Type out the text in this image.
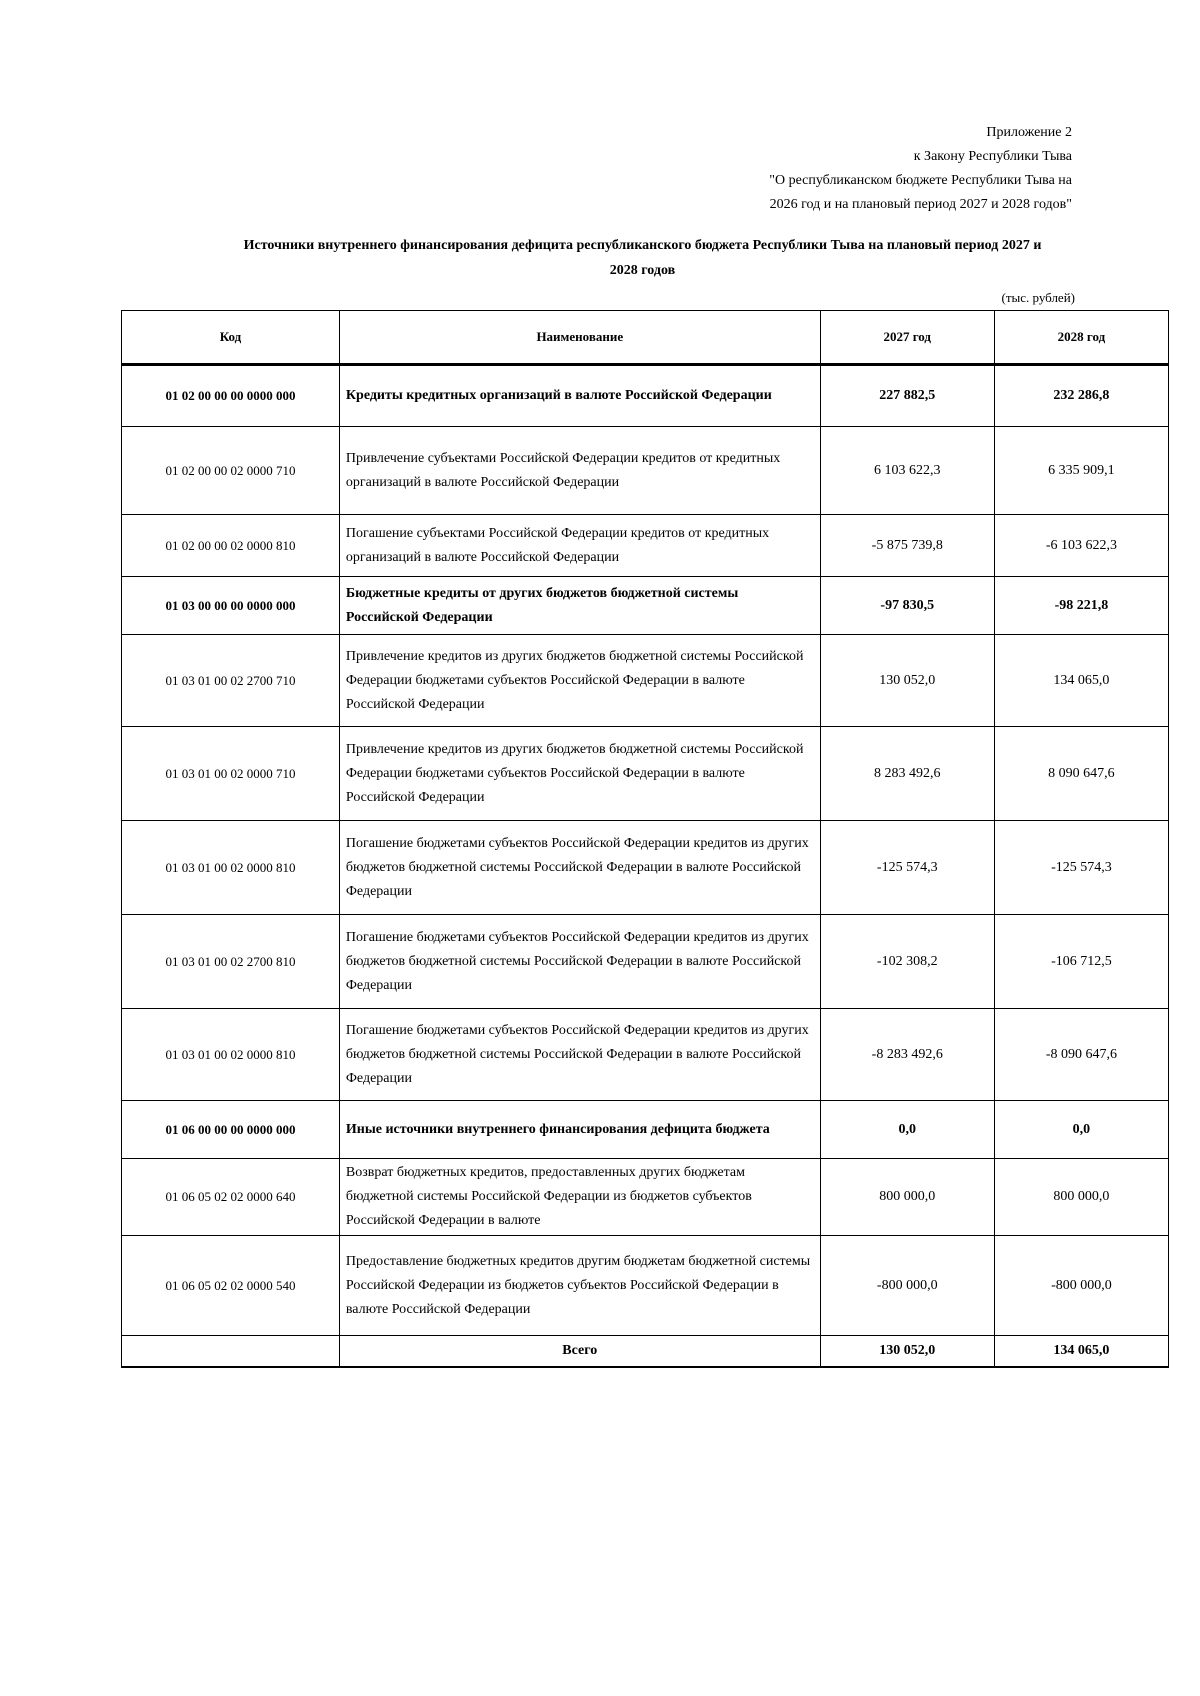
Приложение 2
к Закону Республики Тыва
"О республиканском бюджете Республики Тыва на
2026 год и на плановый период 2027 и 2028 годов"
Источники внутреннего финансирования дефицита республиканского бюджета Республики Тыва на плановый период 2027 и
2028 годов
(тыс. рублей)
Код	Наименование	2027 год	2028 год
01 02 00 00 00 0000 000	Кредиты кредитных организаций в валюте Российской Федерации	227 882,5	232 286,8
01 02 00 00 02 0000 710	Привлечение субъектами Российской Федерации кредитов от кредитных организаций в валюте Российской Федерации	6 103 622,3	6 335 909,1
01 02 00 00 02 0000 810	Погашение субъектами Российской Федерации кредитов от кредитных организаций в валюте Российской Федерации	-5 875 739,8	-6 103 622,3
01 03 00 00 00 0000 000	Бюджетные кредиты от других бюджетов бюджетной системы Российской Федерации	-97 830,5	-98 221,8
01 03 01 00 02 2700 710	Привлечение кредитов из других бюджетов бюджетной системы Российской Федерации бюджетами субъектов Российской Федерации в валюте Российской Федерации	130 052,0	134 065,0
01 03 01 00 02 0000 710	Привлечение кредитов из других бюджетов бюджетной системы Российской Федерации бюджетами субъектов Российской Федерации в валюте Российской Федерации	8 283 492,6	8 090 647,6
01 03 01 00 02 0000 810	Погашение бюджетами субъектов Российской Федерации кредитов из других бюджетов бюджетной системы Российской Федерации в валюте Российской Федерации	-125 574,3	-125 574,3
01 03 01 00 02 2700 810	Погашение бюджетами субъектов Российской Федерации кредитов из других бюджетов бюджетной системы Российской Федерации в валюте Российской Федерации	-102 308,2	-106 712,5
01 03 01 00 02 0000 810	Погашение бюджетами субъектов Российской Федерации кредитов из других бюджетов бюджетной системы Российской Федерации в валюте Российской Федерации	-8 283 492,6	-8 090 647,6
01 06 00 00 00 0000 000	Иные источники внутреннего финансирования дефицита бюджета	0,0	0,0
01 06 05 02 02 0000 640	Возврат бюджетных кредитов, предоставленных других бюджетам бюджетной системы Российской Федерации из бюджетов субъектов Российской Федерации в валюте	800 000,0	800 000,0
01 06 05 02 02 0000 540	Предоставление бюджетных кредитов другим бюджетам бюджетной системы Российской Федерации из бюджетов субъектов Российской Федерации в валюте Российской Федерации	-800 000,0	-800 000,0
	Всего	130 052,0	134 065,0
